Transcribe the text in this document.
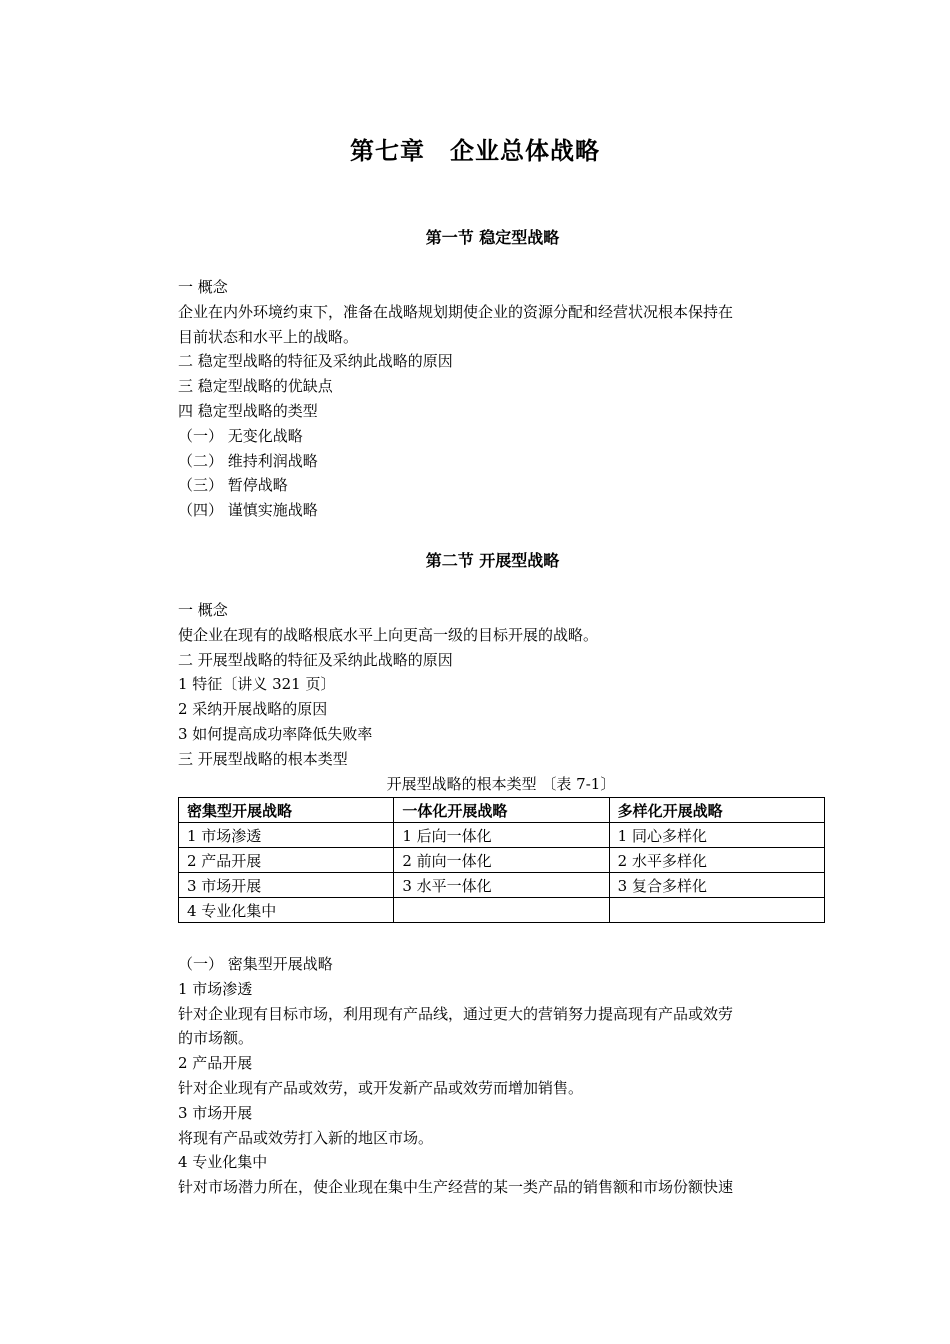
第七章　企业总体战略
第一节 稳定型战略

一 概念

企业在内外环境约束下，准备在战略规划期使企业的资源分配和经营状况根本保持在

目前状态和水平上的战略。

二 稳定型战略的特征及采纳此战略的原因

三 稳定型战略的优缺点

四 稳定型战略的类型

（一） 无变化战略

（二） 维持利润战略

（三） 暂停战略

（四） 谨慎实施战略

第二节 开展型战略

一 概念

使企业在现有的战略根底水平上向更高一级的目标开展的战略。

二 开展型战略的特征及采纳此战略的原因

1 特征〔讲义 321 页〕

2 采纳开展战略的原因

3 如何提高成功率降低失败率

三 开展型战略的根本类型

开展型战略的根本类型 〔表 7-1〕
密集型开展战略	一体化开展战略	多样化开展战略
1 市场渗透	1 后向一体化	1 同心多样化
2 产品开展	2 前向一体化	2 水平多样化
3 市场开展	3 水平一体化	3 复合多样化
4 专业化集中		

（一） 密集型开展战略

1 市场渗透

针对企业现有目标市场，利用现有产品线，通过更大的营销努力提高现有产品或效劳

的市场额。

2 产品开展

针对企业现有产品或效劳，或开发新产品或效劳而增加销售。

3 市场开展

将现有产品或效劳打入新的地区市场。

4 专业化集中

针对市场潜力所在，使企业现在集中生产经营的某一类产品的销售额和市场份额快速
